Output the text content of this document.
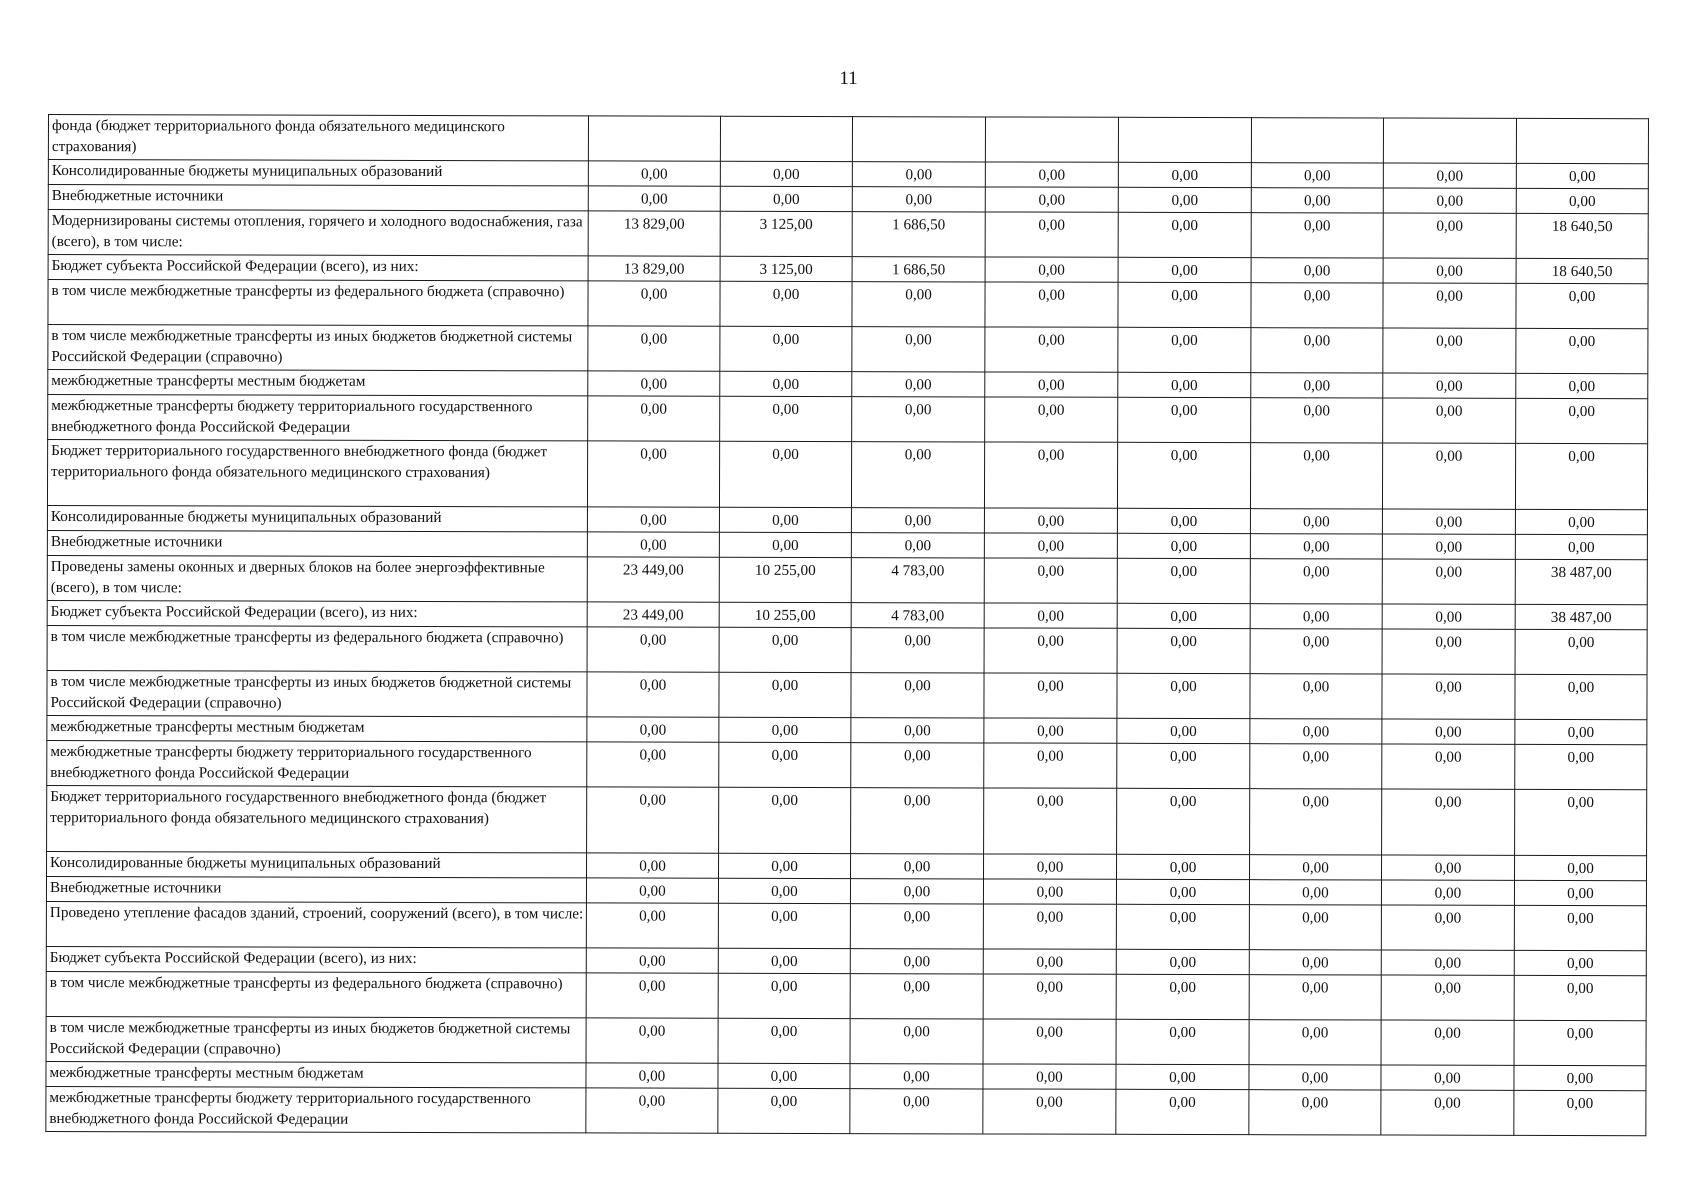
11
фонда (бюджет территориального фонда обязательного медицинского страхования)								
Консолидированные бюджеты муниципальных образований	0,00	0,00	0,00	0,00	0,00	0,00	0,00	0,00
Внебюджетные источники	0,00	0,00	0,00	0,00	0,00	0,00	0,00	0,00
Модернизированы системы отопления, горячего и холодного водоснабжения, газа (всего), в том числе:	13 829,00	3 125,00	1 686,50	0,00	0,00	0,00	0,00	18 640,50
Бюджет субъекта Российской Федерации (всего), из них:	13 829,00	3 125,00	1 686,50	0,00	0,00	0,00	0,00	18 640,50
в том числе межбюджетные трансферты из федерального бюджета (справочно)	0,00	0,00	0,00	0,00	0,00	0,00	0,00	0,00
в том числе межбюджетные трансферты из иных бюджетов бюджетной системы Российской Федерации (справочно)	0,00	0,00	0,00	0,00	0,00	0,00	0,00	0,00
межбюджетные трансферты местным бюджетам	0,00	0,00	0,00	0,00	0,00	0,00	0,00	0,00
межбюджетные трансферты бюджету территориального государственного внебюджетного фонда Российской Федерации	0,00	0,00	0,00	0,00	0,00	0,00	0,00	0,00
Бюджет территориального государственного внебюджетного фонда (бюджет территориального фонда обязательного медицинского страхования)	0,00	0,00	0,00	0,00	0,00	0,00	0,00	0,00
Консолидированные бюджеты муниципальных образований	0,00	0,00	0,00	0,00	0,00	0,00	0,00	0,00
Внебюджетные источники	0,00	0,00	0,00	0,00	0,00	0,00	0,00	0,00
Проведены замены оконных и дверных блоков на более энергоэффективные (всего), в том числе:	23 449,00	10 255,00	4 783,00	0,00	0,00	0,00	0,00	38 487,00
Бюджет субъекта Российской Федерации (всего), из них:	23 449,00	10 255,00	4 783,00	0,00	0,00	0,00	0,00	38 487,00
в том числе межбюджетные трансферты из федерального бюджета (справочно)	0,00	0,00	0,00	0,00	0,00	0,00	0,00	0,00
в том числе межбюджетные трансферты из иных бюджетов бюджетной системы Российской Федерации (справочно)	0,00	0,00	0,00	0,00	0,00	0,00	0,00	0,00
межбюджетные трансферты местным бюджетам	0,00	0,00	0,00	0,00	0,00	0,00	0,00	0,00
межбюджетные трансферты бюджету территориального государственного внебюджетного фонда Российской Федерации	0,00	0,00	0,00	0,00	0,00	0,00	0,00	0,00
Бюджет территориального государственного внебюджетного фонда (бюджет территориального фонда обязательного медицинского страхования)	0,00	0,00	0,00	0,00	0,00	0,00	0,00	0,00
Консолидированные бюджеты муниципальных образований	0,00	0,00	0,00	0,00	0,00	0,00	0,00	0,00
Внебюджетные источники	0,00	0,00	0,00	0,00	0,00	0,00	0,00	0,00
Проведено утепление фасадов зданий, строений, сооружений (всего), в том числе:	0,00	0,00	0,00	0,00	0,00	0,00	0,00	0,00
Бюджет субъекта Российской Федерации (всего), из них:	0,00	0,00	0,00	0,00	0,00	0,00	0,00	0,00
в том числе межбюджетные трансферты из федерального бюджета (справочно)	0,00	0,00	0,00	0,00	0,00	0,00	0,00	0,00
в том числе межбюджетные трансферты из иных бюджетов бюджетной системы Российской Федерации (справочно)	0,00	0,00	0,00	0,00	0,00	0,00	0,00	0,00
межбюджетные трансферты местным бюджетам	0,00	0,00	0,00	0,00	0,00	0,00	0,00	0,00
межбюджетные трансферты бюджету территориального государственного внебюджетного фонда Российской Федерации	0,00	0,00	0,00	0,00	0,00	0,00	0,00	0,00
